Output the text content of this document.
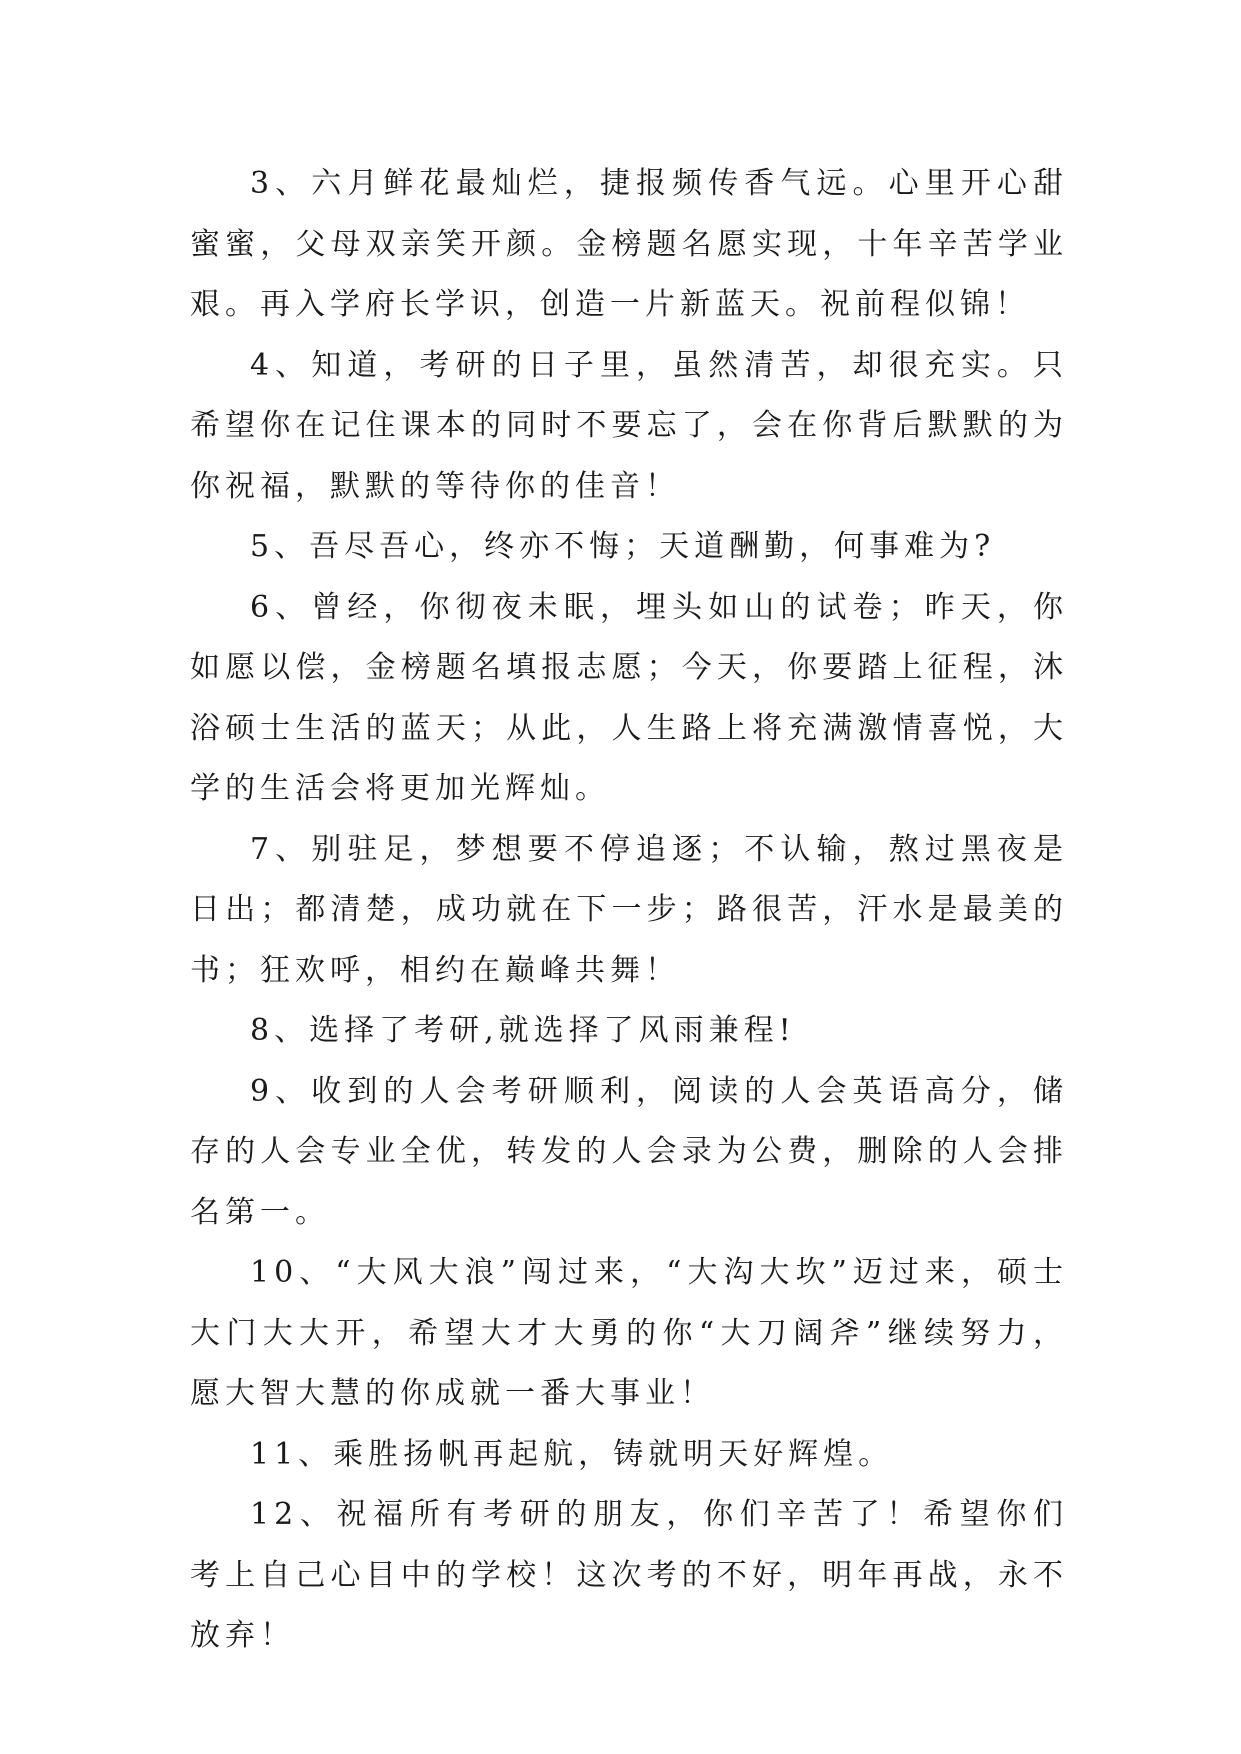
3、六月鲜花最灿烂，捷报频传香气远。心里开心甜蜜蜜，父母双亲笑开颜。金榜题名愿实现，十年辛苦学业艰。再入学府长学识，创造一片新蓝天。祝前程似锦！

4、知道，考研的日子里，虽然清苦，却很充实。只希望你在记住课本的同时不要忘了，会在你背后默默的为你祝福，默默的等待你的佳音！

5、吾尽吾心，终亦不悔；天道酬勤，何事难为?

6、曾经，你彻夜未眠，埋头如山的试卷；昨天，你如愿以偿，金榜题名填报志愿；今天，你要踏上征程，沐浴硕士生活的蓝天；从此，人生路上将充满激情喜悦，大学的生活会将更加光辉灿。

7、别驻足，梦想要不停追逐；不认输，熬过黑夜是日出；都清楚，成功就在下一步；路很苦，汗水是最美的书；狂欢呼，相约在巅峰共舞！

8、选择了考研,就选择了风雨兼程!

9、收到的人会考研顺利，阅读的人会英语高分，储存的人会专业全优，转发的人会录为公费，删除的人会排名第一。

10、“大风大浪”闯过来，“大沟大坎”迈过来，硕士大门大大开，希望大才大勇的你“大刀阔斧”继续努力，愿大智大慧的你成就一番大事业！

11、乘胜扬帆再起航，铸就明天好辉煌。

12、祝福所有考研的朋友，你们辛苦了！希望你们考上自己心目中的学校！这次考的不好，明年再战，永不放弃！
